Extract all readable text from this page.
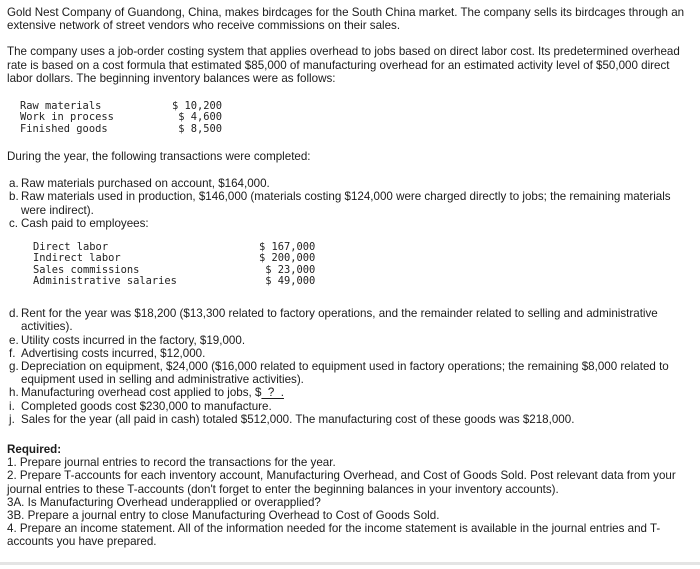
Gold Nest Company of Guandong, China, makes birdcages for the South China market. The company sells its birdcages through an extensive network of street vendors who receive commissions on their sales.

The company uses a job-order costing system that applies overhead to jobs based on direct labor cost. Its predetermined overhead rate is based on a cost formula that estimated $85,000 of manufacturing overhead for an estimated activity level of $50,000 direct labor dollars. The beginning inventory balances were as follows:

Raw materials	$ 10,200
Work in process	$ 4,600
Finished goods	$ 8,500

During the year, the following transactions were completed:

a. Raw materials purchased on account, $164,000.
b. Raw materials used in production, $146,000 (materials costing $124,000 were charged directly to jobs; the remaining materials were indirect).
c. Cash paid to employees:
Direct labor	$ 167,000
Indirect labor	$ 200,000
Sales commissions	$ 23,000
Administrative salaries	$ 49,000
d. Rent for the year was $18,200 ($13,300 related to factory operations, and the remainder related to selling and administrative activities).
e. Utility costs incurred in the factory, $19,000.
f. Advertising costs incurred, $12,000.
g. Depreciation on equipment, $24,000 ($16,000 related to equipment used in factory operations; the remaining $8,000 related to equipment used in selling and administrative activities).
h. Manufacturing overhead cost applied to jobs, $  ?  .
i. Completed goods cost $230,000 to manufacture.
j. Sales for the year (all paid in cash) totaled $512,000. The manufacturing cost of these goods was $218,000.

Required:

1. Prepare journal entries to record the transactions for the year.

2. Prepare T-accounts for each inventory account, Manufacturing Overhead, and Cost of Goods Sold. Post relevant data from your journal entries to these T-accounts (don't forget to enter the beginning balances in your inventory accounts).

3A. Is Manufacturing Overhead underapplied or overapplied?

3B. Prepare a journal entry to close Manufacturing Overhead to Cost of Goods Sold.

4. Prepare an income statement. All of the information needed for the income statement is available in the journal entries and T-accounts you have prepared.
